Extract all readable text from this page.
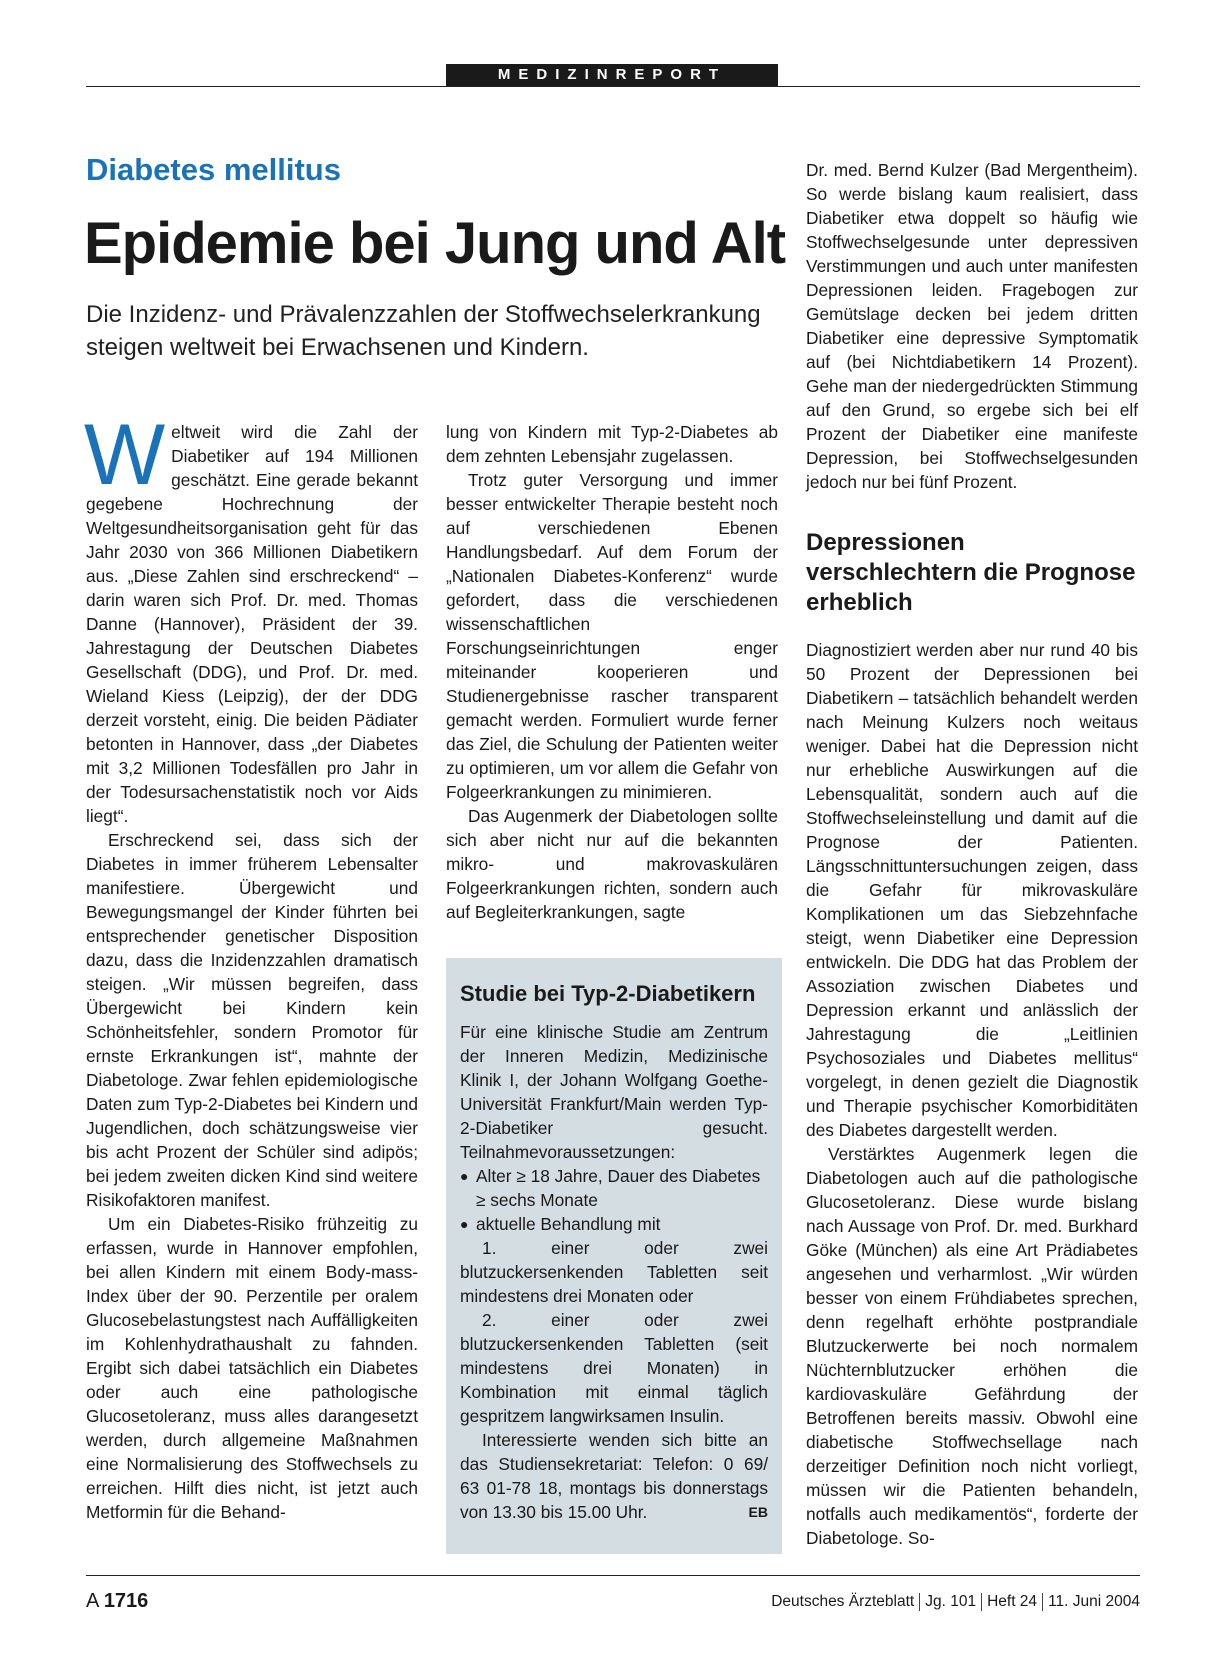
MEDIZINREPORT
Diabetes mellitus
Epidemie bei Jung und Alt
Die Inzidenz- und Prävalenzzahlen der Stoffwechselerkrankung steigen weltweit bei Erwachsenen und Kindern.

Weltweit wird die Zahl der Diabetiker auf 194 Millionen geschätzt. Eine gerade bekannt gegebene Hochrechnung der Weltgesundheitsorganisation geht für das Jahr 2030 von 366 Millionen Diabetikern aus. „Diese Zahlen sind erschreckend“ – darin waren sich Prof. Dr. med. Thomas Danne (Hannover), Präsident der 39. Jahrestagung der Deutschen Diabetes Gesellschaft (DDG), und Prof. Dr. med. Wieland Kiess (Leipzig), der der DDG derzeit vorsteht, einig. Die beiden Pädiater betonten in Hannover, dass „der Diabetes mit 3,2 Millionen Todesfällen pro Jahr in der Todesursachenstatistik noch vor Aids liegt“.

Erschreckend sei, dass sich der Diabetes in immer früherem Lebensalter manifestiere. Übergewicht und Bewegungsmangel der Kinder führten bei entsprechender genetischer Disposition dazu, dass die Inzidenzzahlen dramatisch steigen. „Wir müssen begreifen, dass Übergewicht bei Kindern kein Schönheitsfehler, sondern Promotor für ernste Erkrankungen ist“, mahnte der Diabetologe. Zwar fehlen epidemiologische Daten zum Typ-2-Diabetes bei Kindern und Jugendlichen, doch schätzungsweise vier bis acht Prozent der Schüler sind adipös; bei jedem zweiten dicken Kind sind weitere Risikofaktoren manifest.

Um ein Diabetes-Risiko frühzeitig zu erfassen, wurde in Hannover empfohlen, bei allen Kindern mit einem Body-mass-Index über der 90. Perzentile per oralem Glucosebelastungstest nach Auffälligkeiten im Kohlenhydrathaushalt zu fahnden. Ergibt sich dabei tatsächlich ein Diabetes oder auch eine pathologische Glucosetoleranz, muss alles darangesetzt werden, durch allgemeine Maßnahmen eine Normalisierung des Stoffwechsels zu erreichen. Hilft dies nicht, ist jetzt auch Metformin für die Behand-

lung von Kindern mit Typ-2-Diabetes ab dem zehnten Lebensjahr zugelassen.

Trotz guter Versorgung und immer besser entwickelter Therapie besteht noch auf verschiedenen Ebenen Handlungsbedarf. Auf dem Forum der „Nationalen Diabetes-Konferenz“ wurde gefordert, dass die verschiedenen wissenschaftlichen Forschungseinrichtungen enger miteinander kooperieren und Studienergebnisse rascher transparent gemacht werden. Formuliert wurde ferner das Ziel, die Schulung der Patienten weiter zu optimieren, um vor allem die Gefahr von Folgeerkrankungen zu minimieren.

Das Augenmerk der Diabetologen sollte sich aber nicht nur auf die bekannten mikro- und makrovaskulären Folgeerkrankungen richten, sondern auch auf Begleiterkrankungen, sagte

Studie bei Typ-2-Diabetikern

Für eine klinische Studie am Zentrum der Inneren Medizin, Medizinische Klinik I, der Johann Wolfgang Goethe-Universität Frankfurt/Main werden Typ-2-Diabetiker gesucht. Teilnahmevoraussetzungen:

● Alter ≥ 18 Jahre, Dauer des Diabetes ≥ sechs Monate
● aktuelle Behandlung mit

1. einer oder zwei blutzuckersenkenden Tabletten seit mindestens drei Monaten oder

2. einer oder zwei blutzuckersenkenden Tabletten (seit mindestens drei Monaten) in Kombination mit einmal täglich gespritzem langwirksamen Insulin.

Interessierte wenden sich bitte an das Studiensekretariat: Telefon: 0 69/ 63 01-78 18, montags bis donnerstags von 13.30 bis 15.00 Uhr.	EB

Dr. med. Bernd Kulzer (Bad Mergentheim). So werde bislang kaum realisiert, dass Diabetiker etwa doppelt so häufig wie Stoffwechselgesunde unter depressiven Verstimmungen und auch unter manifesten Depressionen leiden. Fragebogen zur Gemütslage decken bei jedem dritten Diabetiker eine depressive Symptomatik auf (bei Nichtdiabetikern 14 Prozent). Gehe man der niedergedrückten Stimmung auf den Grund, so ergebe sich bei elf Prozent der Diabetiker eine manifeste Depression, bei Stoffwechselgesunden jedoch nur bei fünf Prozent.

Depressionen verschlechtern die Prognose erheblich

Diagnostiziert werden aber nur rund 40 bis 50 Prozent der Depressionen bei Diabetikern – tatsächlich behandelt werden nach Meinung Kulzers noch weitaus weniger. Dabei hat die Depression nicht nur erhebliche Auswirkungen auf die Lebensqualität, sondern auch auf die Stoffwechseleinstellung und damit auf die Prognose der Patienten. Längsschnittuntersuchungen zeigen, dass die Gefahr für mikrovaskuläre Komplikationen um das Siebzehnfache steigt, wenn Diabetiker eine Depression entwickeln. Die DDG hat das Problem der Assoziation zwischen Diabetes und Depression erkannt und anlässlich der Jahrestagung die „Leitlinien Psychosoziales und Diabetes mellitus“ vorgelegt, in denen gezielt die Diagnostik und Therapie psychischer Komorbiditäten des Diabetes dargestellt werden.

Verstärktes Augenmerk legen die Diabetologen auch auf die pathologische Glucosetoleranz. Diese wurde bislang nach Aussage von Prof. Dr. med. Burkhard Göke (München) als eine Art Prädiabetes angesehen und verharmlost. „Wir würden besser von einem Frühdiabetes sprechen, denn regelhaft erhöhte postprandiale Blutzuckerwerte bei noch normalem Nüchternblutzucker erhöhen die kardiovaskuläre Gefährdung der Betroffenen bereits massiv. Obwohl eine diabetische Stoffwechsellage nach derzeitiger Definition noch nicht vorliegt, müssen wir die Patienten behandeln, notfalls auch medikamentös“, forderte der Diabetologe. So-

A 1716	Deutsches Ärzteblatt Jg. 101 Heft 24 11. Juni 2004
